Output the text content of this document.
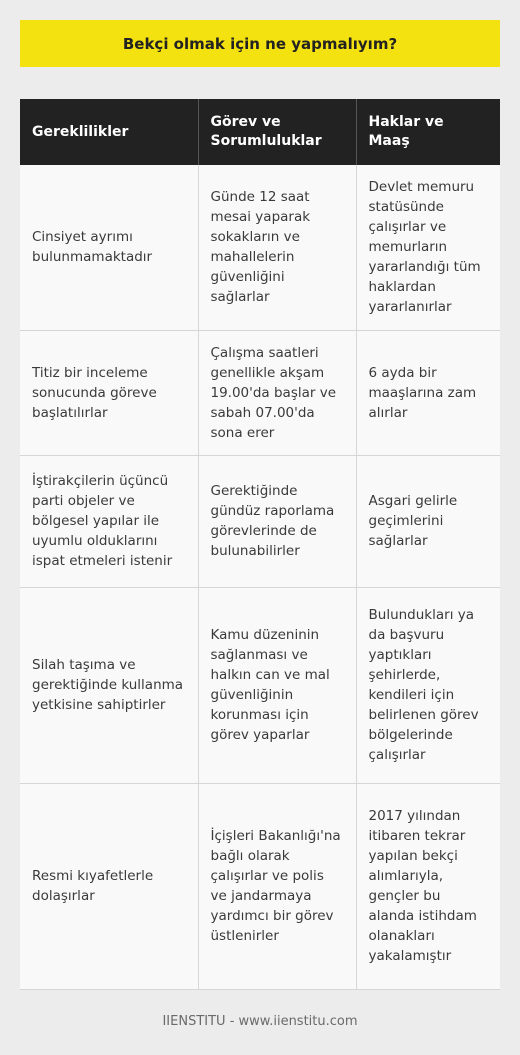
Bekçi olmak için ne yapmalıyım?
Gereklilikler	Görev ve Sorumluluklar	Haklar ve Maaş
Cinsiyet ayrımı bulunmamaktadır	Günde 12 saat mesai yaparak sokakların ve mahallelerin güvenliğini sağlarlar	Devlet memuru statüsünde çalışırlar ve memurların yararlandığı tüm haklardan yararlanırlar
Titiz bir inceleme sonucunda göreve başlatılırlar	Çalışma saatleri genellikle akşam 19.00'da başlar ve sabah 07.00'da sona erer	6 ayda bir maaşlarına zam alırlar
İştirakçilerin üçüncü parti objeler ve bölgesel yapılar ile uyumlu olduklarını ispat etmeleri istenir	Gerektiğinde gündüz raporlama görevlerinde de bulunabilirler	Asgari gelirle geçimlerini sağlarlar
Silah taşıma ve gerektiğinde kullanma yetkisine sahiptirler	Kamu düzeninin sağlanması ve halkın can ve mal güvenliğinin korunması için görev yaparlar	Bulundukları ya da başvuru yaptıkları şehirlerde, kendileri için belirlenen görev bölgelerinde çalışırlar
Resmi kıyafetlerle dolaşırlar	İçişleri Bakanlığı'na bağlı olarak çalışırlar ve polis ve jandarmaya yardımcı bir görev üstlenirler	2017 yılından itibaren tekrar yapılan bekçi alımlarıyla, gençler bu alanda istihdam olanakları yakalamıştır
IIENSTITU - www.iienstitu.com
